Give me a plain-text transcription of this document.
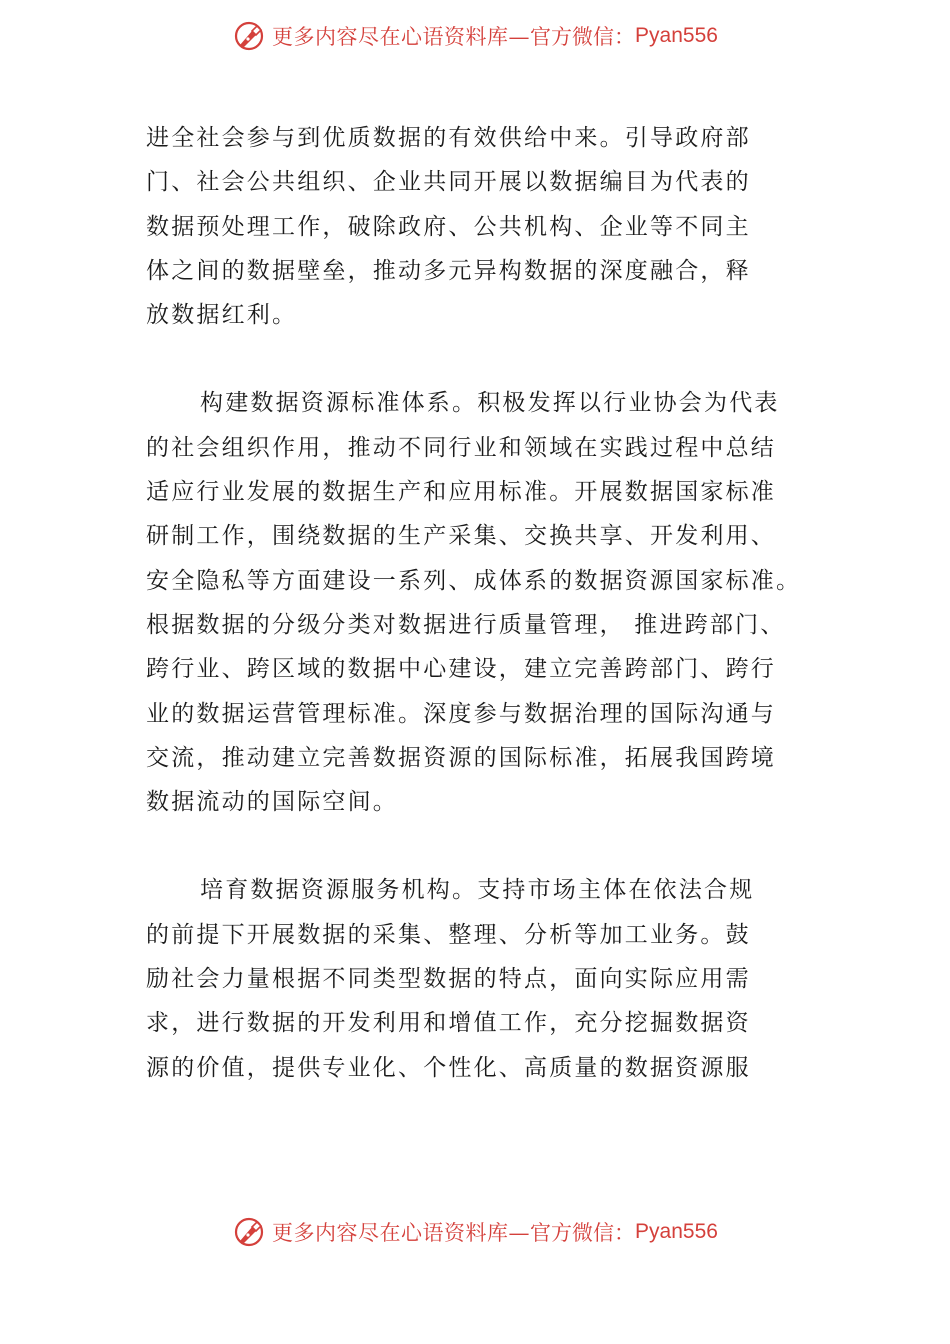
更多内容尽在心语资料库— 官方微信： Pyan556
进全社会参与到优质数据的有效供给中来。引导政府部
门、社会公共组织、企业共同开展以数据编目为代表的
数据预处理工作，破除政府、公共机构、企业等不同主
体之间的数据壁垒，推动多元异构数据的深度融合，释
放数据红利。
构建数据资源标准体系。积极发挥以行业协会为代表
的社会组织作用，推动不同行业和领域在实践过程中总结
适应行业发展的数据生产和应用标准。开展数据国家标准
研制工作，围绕数据的生产采集、交换共享、开发利用、
安全隐私等方面建设一系列、成体系的数据资源国家标准。
根据数据的分级分类对数据进行质量管理， 推进跨部门、
跨行业、跨区域的数据中心建设，建立完善跨部门、跨行
业的数据运营管理标准。深度参与数据治理的国际沟通与
交流，推动建立完善数据资源的国际标准，拓展我国跨境
数据流动的国际空间。
培育数据资源服务机构。支持市场主体在依法合规
的前提下开展数据的采集、整理、分析等加工业务。鼓
励社会力量根据不同类型数据的特点，面向实际应用需
求，进行数据的开发利用和增值工作，充分挖掘数据资
源的价值，提供专业化、个性化、高质量的数据资源服
更多内容尽在心语资料库— 官方微信： Pyan556
